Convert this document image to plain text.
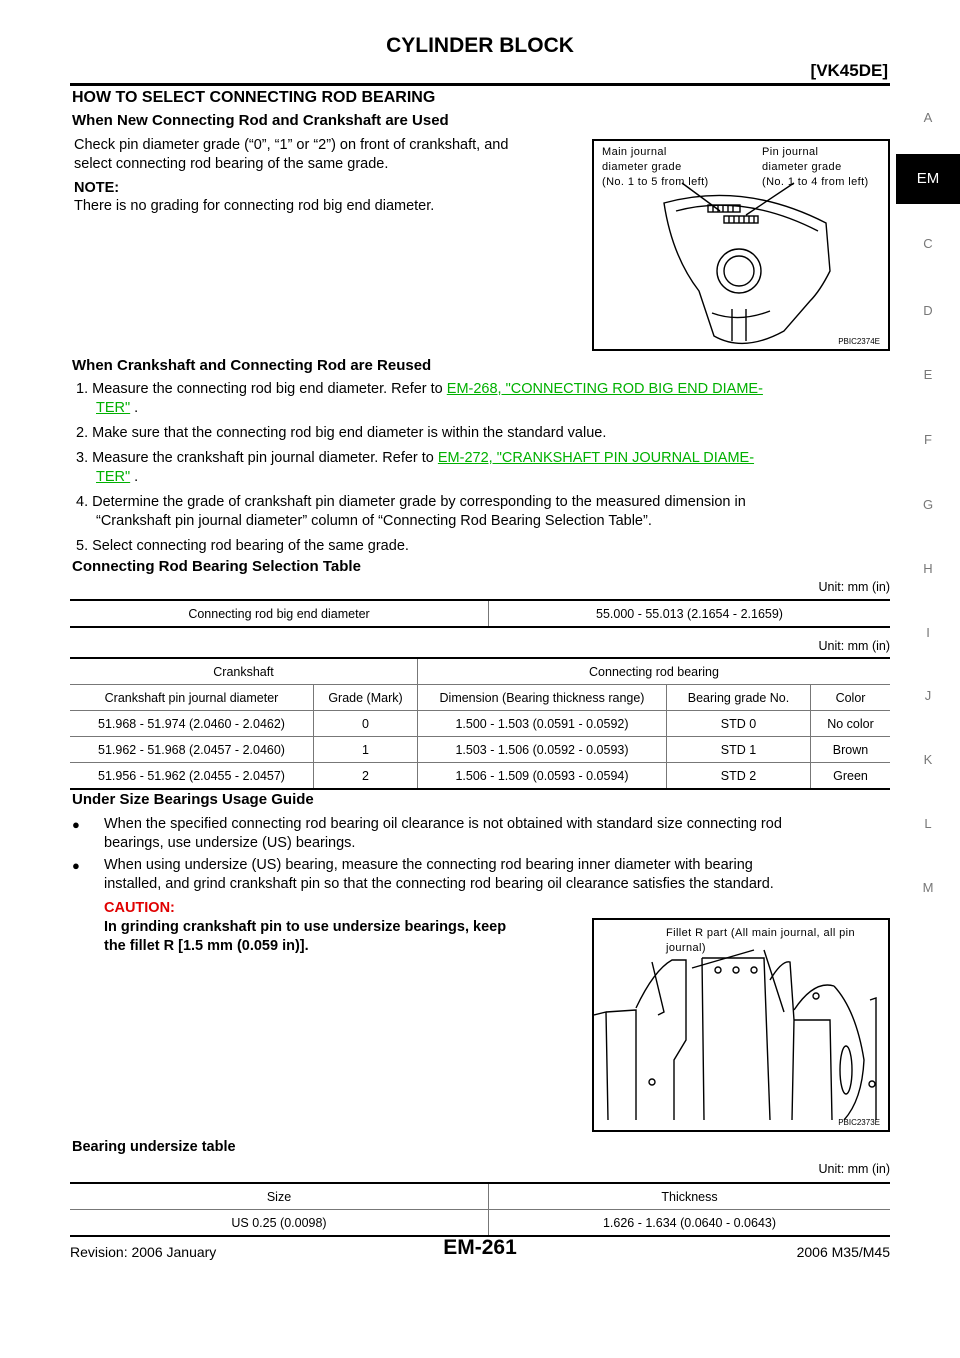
CYLINDER BLOCK
[VK45DE]
A
EM
C
D
E
F
G
H
I
J
K
L
M
HOW TO SELECT CONNECTING ROD BEARING
When New Connecting Rod and Crankshaft are Used
Check pin diameter grade (“0”, “1” or “2”) on front of crankshaft, and
select connecting rod bearing of the same grade.
NOTE:
There is no grading for connecting rod big end diameter.
Main journal
diameter grade
(No. 1 to 5 from left)
Pin journal
diameter grade
(No. 1 to 4 from left)
PBIC2374E
When Crankshaft and Connecting Rod are Reused
1. Measure the connecting rod big end diameter. Refer to EM-268, "CONNECTING ROD BIG END DIAME-
TER" .
2. Make sure that the connecting rod big end diameter is within the standard value.
3. Measure the crankshaft pin journal diameter. Refer to EM-272, "CRANKSHAFT PIN JOURNAL DIAME-
TER" .
4. Determine the grade of crankshaft pin diameter grade by corresponding to the measured dimension in
“Crankshaft pin journal diameter” column of “Connecting Rod Bearing Selection Table”.
5. Select connecting rod bearing of the same grade.
Connecting Rod Bearing Selection Table
Unit: mm (in)
Connecting rod big end diameter	55.000 - 55.013 (2.1654 - 2.1659)
Unit: mm (in)
Crankshaft		Connecting rod bearing		
Crankshaft pin journal diameter	Grade (Mark)	Dimension (Bearing thickness range)	Bearing grade No.	Color
51.968 - 51.974 (2.0460 - 2.0462)	0	1.500 - 1.503 (0.0591 - 0.0592)	STD 0	No color
51.962 - 51.968 (2.0457 - 2.0460)	1	1.503 - 1.506 (0.0592 - 0.0593)	STD 1	Brown
51.956 - 51.962 (2.0455 - 2.0457)	2	1.506 - 1.509 (0.0593 - 0.0594)	STD 2	Green
Under Size Bearings Usage Guide
● When the specified connecting rod bearing oil clearance is not obtained with standard size connecting rod
bearings, use undersize (US) bearings.
● When using undersize (US) bearing, measure the connecting rod bearing inner diameter with bearing
installed, and grind crankshaft pin so that the connecting rod bearing oil clearance satisfies the standard.
CAUTION:
In grinding crankshaft pin to use undersize bearings, keep
the fillet R [1.5 mm (0.059 in)].
Fillet R part (All main journal, all pin
journal)
PBIC2373E
Bearing undersize table
Unit: mm (in)
Size	Thickness
US 0.25 (0.0098)	1.626 - 1.634 (0.0640 - 0.0643)
Revision: 2006 January	EM-261	2006 M35/M45
